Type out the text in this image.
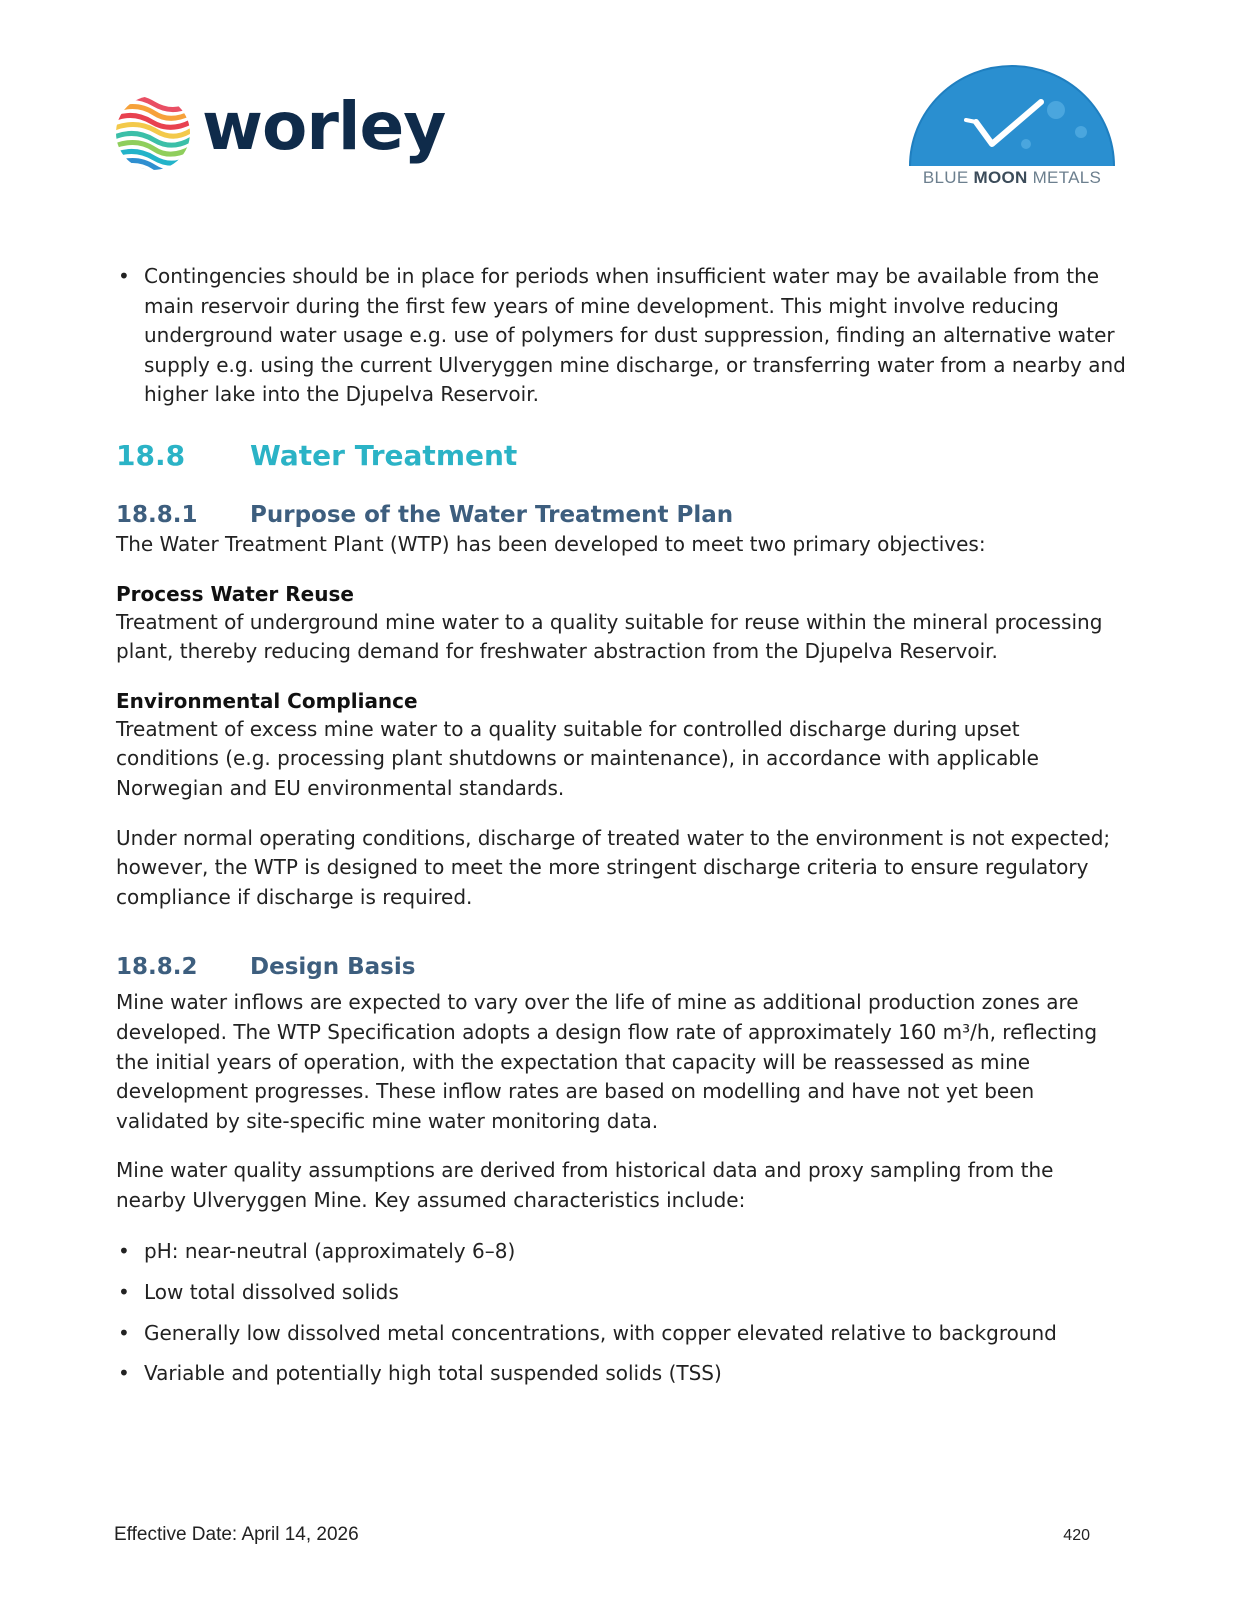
worley
BLUE MOON METALS
• Contingencies should be in place for periods when insufficient water may be available from the main reservoir during the first few years of mine development. This might involve reducing underground water usage e.g. use of polymers for dust suppression, finding an alternative water supply e.g. using the current Ulveryggen mine discharge, or transferring water from a nearby and higher lake into the Djupelva Reservoir.
18.8	Water Treatment
18.8.1	Purpose of the Water Treatment Plan

The Water Treatment Plant (WTP) has been developed to meet two primary objectives:

Process Water Reuse

Treatment of underground mine water to a quality suitable for reuse within the mineral processing plant, thereby reducing demand for freshwater abstraction from the Djupelva Reservoir.

Environmental Compliance

Treatment of excess mine water to a quality suitable for controlled discharge during upset conditions (e.g. processing plant shutdowns or maintenance), in accordance with applicable Norwegian and EU environmental standards.

Under normal operating conditions, discharge of treated water to the environment is not expected; however, the WTP is designed to meet the more stringent discharge criteria to ensure regulatory compliance if discharge is required.

18.8.2	Design Basis

Mine water inflows are expected to vary over the life of mine as additional production zones are developed. The WTP Specification adopts a design flow rate of approximately 160 m³/h, reflecting the initial years of operation, with the expectation that capacity will be reassessed as mine development progresses. These inflow rates are based on modelling and have not yet been validated by site-specific mine water monitoring data.

Mine water quality assumptions are derived from historical data and proxy sampling from the nearby Ulveryggen Mine. Key assumed characteristics include:

• pH: near-neutral (approximately 6–8)
• Low total dissolved solids
• Generally low dissolved metal concentrations, with copper elevated relative to background
• Variable and potentially high total suspended solids (TSS)
Effective Date: April 14, 2026	420
